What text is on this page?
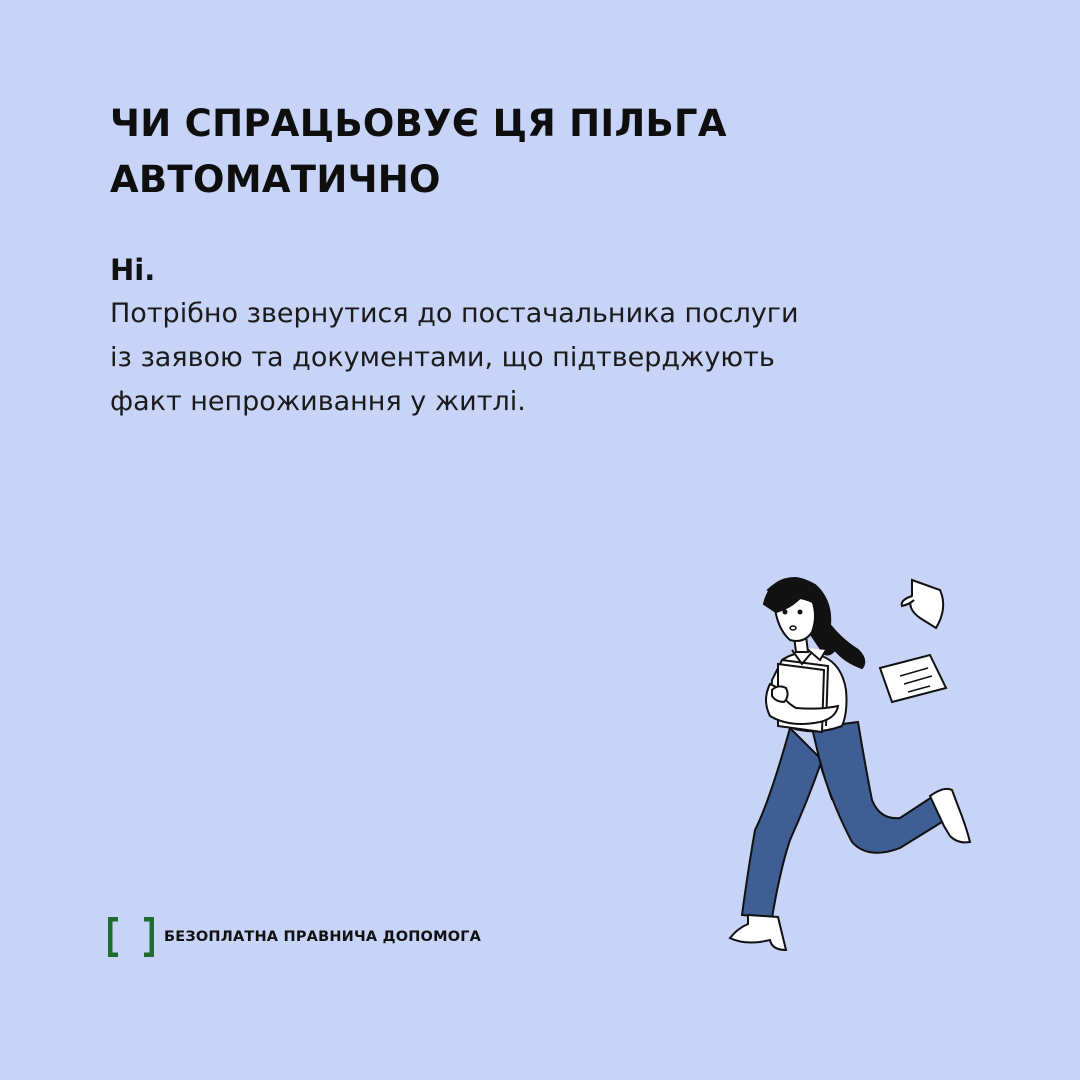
ЧИ СПРАЦЬОВУЄ ЦЯ ПІЛЬГА
АВТОМАТИЧНО

Ні.

Потрібно звернутися до постачальника послуги
із заявою та документами, що підтверджують
факт непроживання у житлі.

БЕЗОПЛАТНА ПРАВНИЧА ДОПОМОГА
